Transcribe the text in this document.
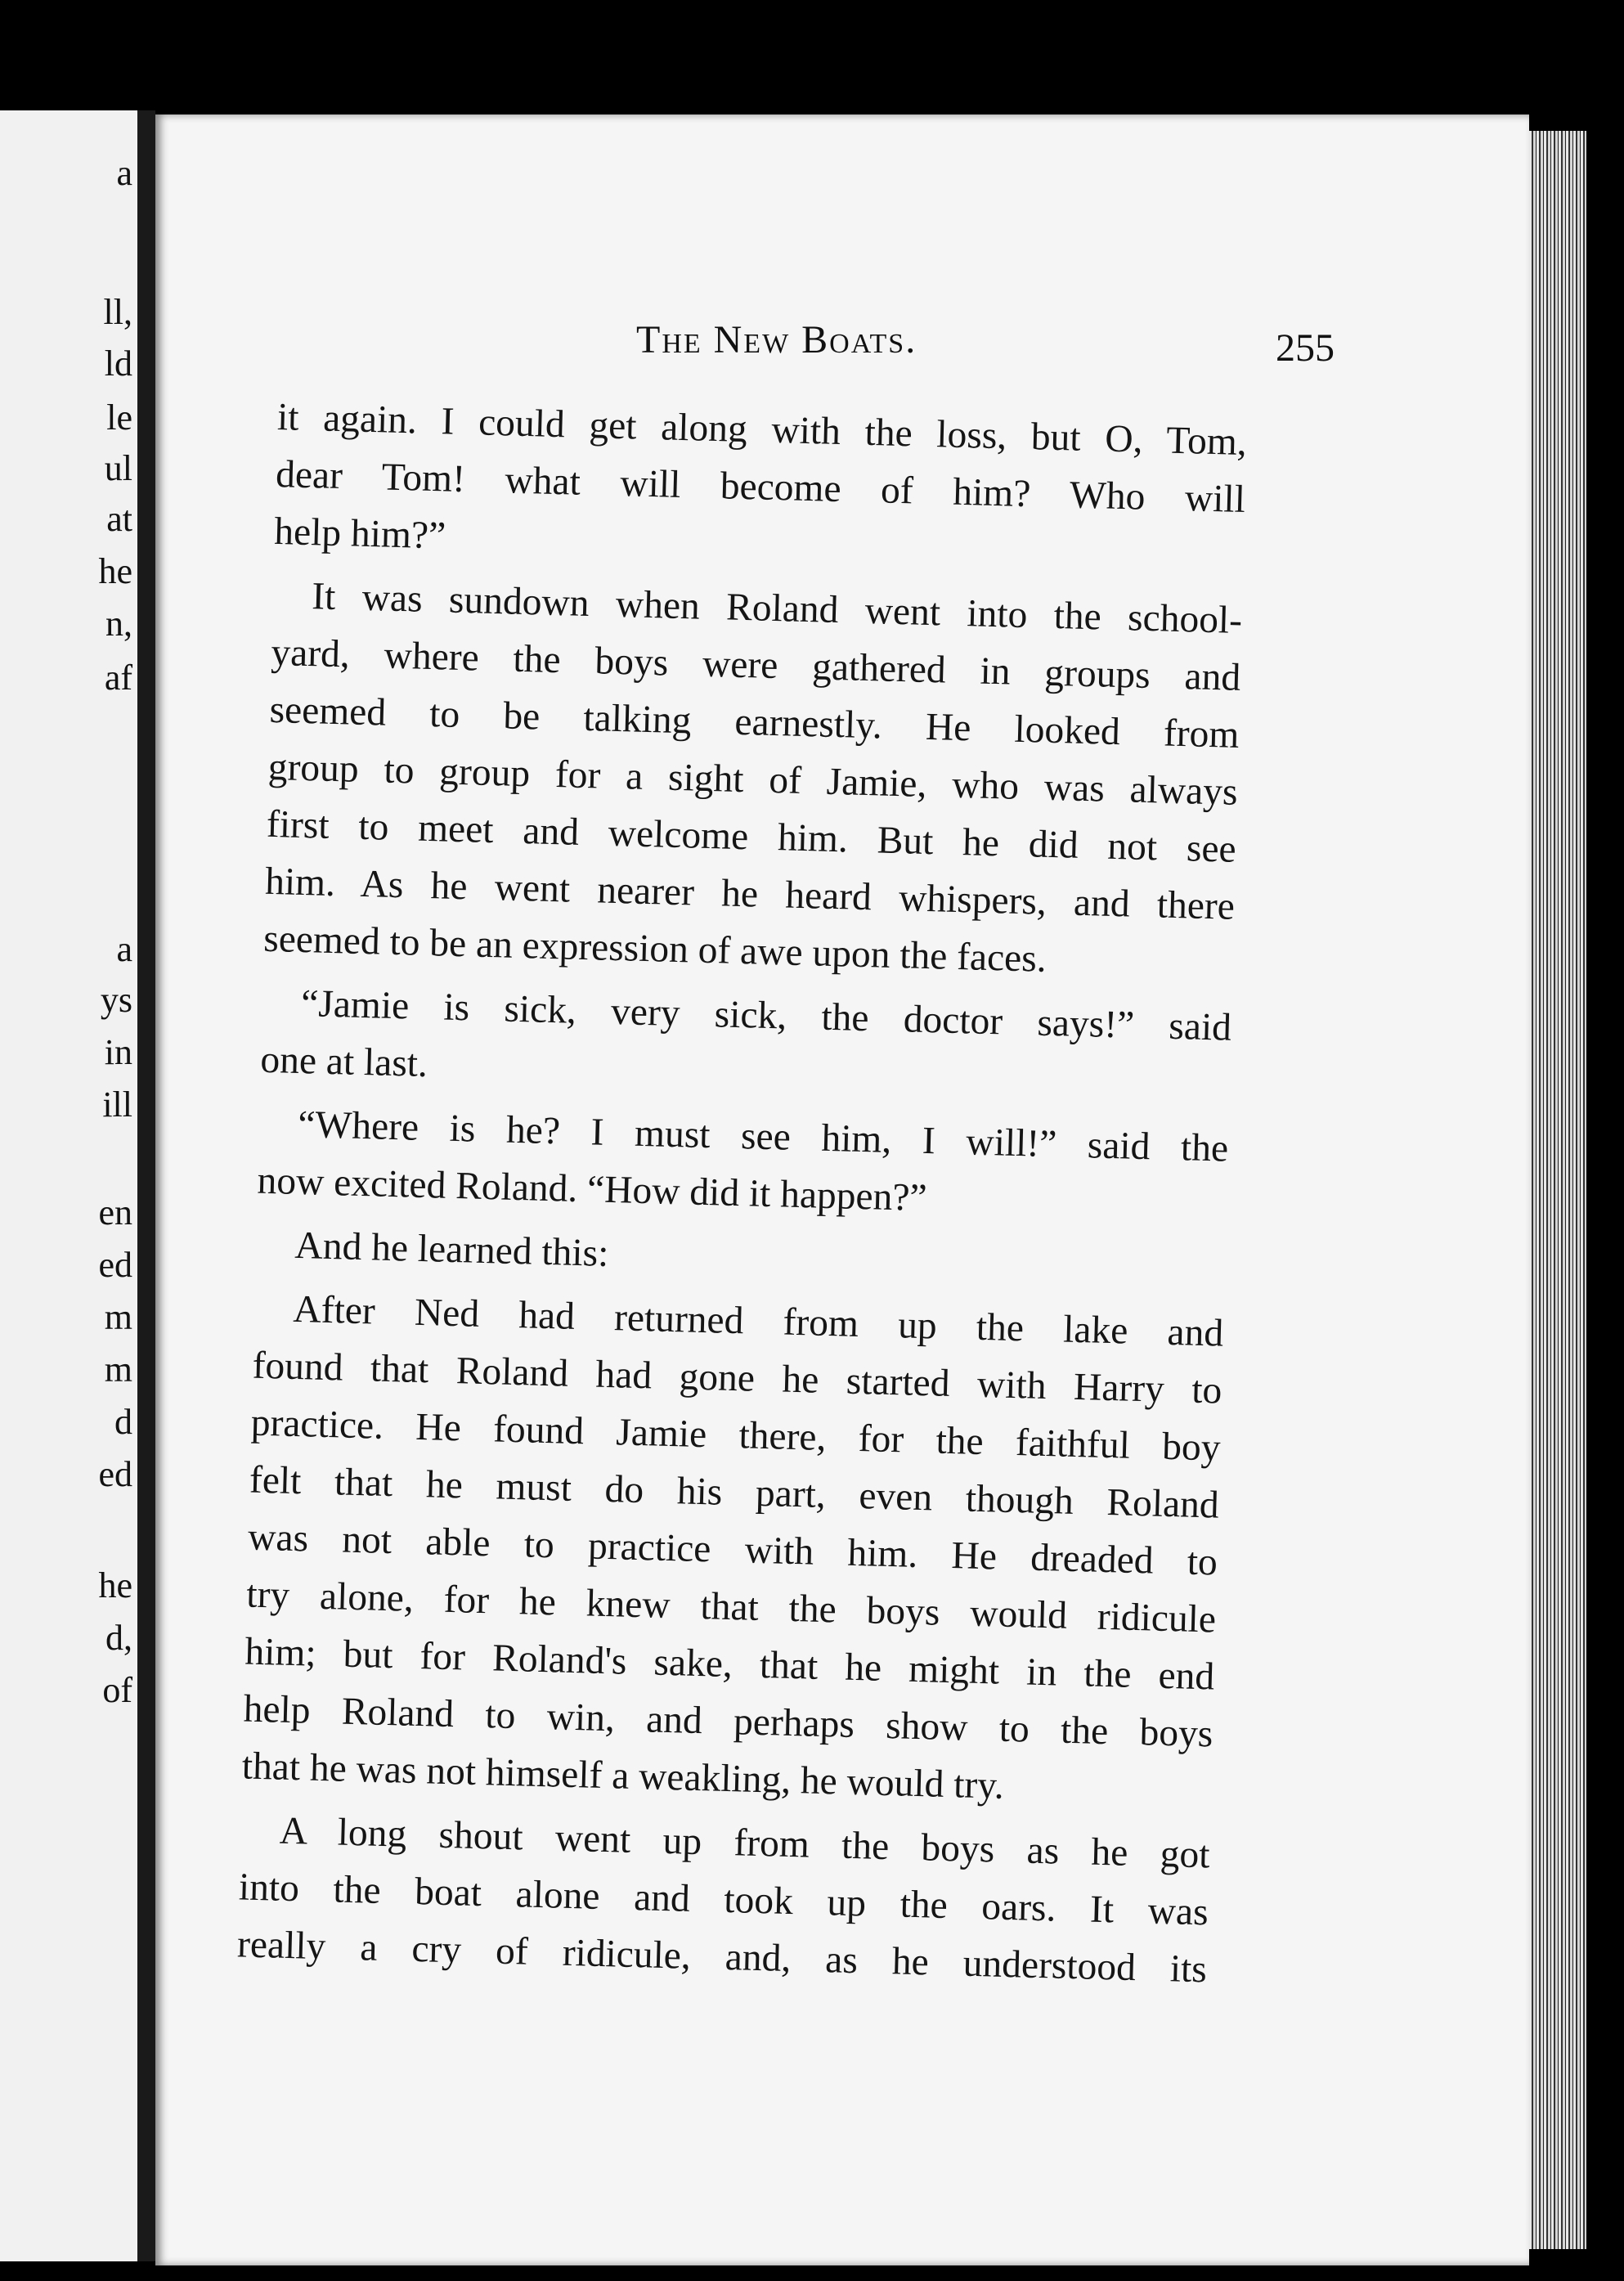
a
ll,
ld
le
ul
at
he
n,
af
a
ys
in
ill
en
ed
m
m
d
ed
he
d,
of
The New Boats.	255
it again. I could get along with the loss, but O, Tom,
dear Tom! what will become of him? Who will
help him?”
It was sundown when Roland went into the school-
yard, where the boys were gathered in groups and
seemed to be talking earnestly. He looked from
group to group for a sight of Jamie, who was always
first to meet and welcome him. But he did not see
him. As he went nearer he heard whispers, and there
seemed to be an expression of awe upon the faces.
“Jamie is sick, very sick, the doctor says!” said
one at last.
“Where is he? I must see him, I will!” said the
now excited Roland. “How did it happen?”
And he learned this:
After Ned had returned from up the lake and
found that Roland had gone he started with Harry to
practice. He found Jamie there, for the faithful boy
felt that he must do his part, even though Roland
was not able to practice with him. He dreaded to
try alone, for he knew that the boys would ridicule
him; but for Roland's sake, that he might in the end
help Roland to win, and perhaps show to the boys
that he was not himself a weakling, he would try.
A long shout went up from the boys as he got
into the boat alone and took up the oars. It was
really a cry of ridicule, and, as he understood its
